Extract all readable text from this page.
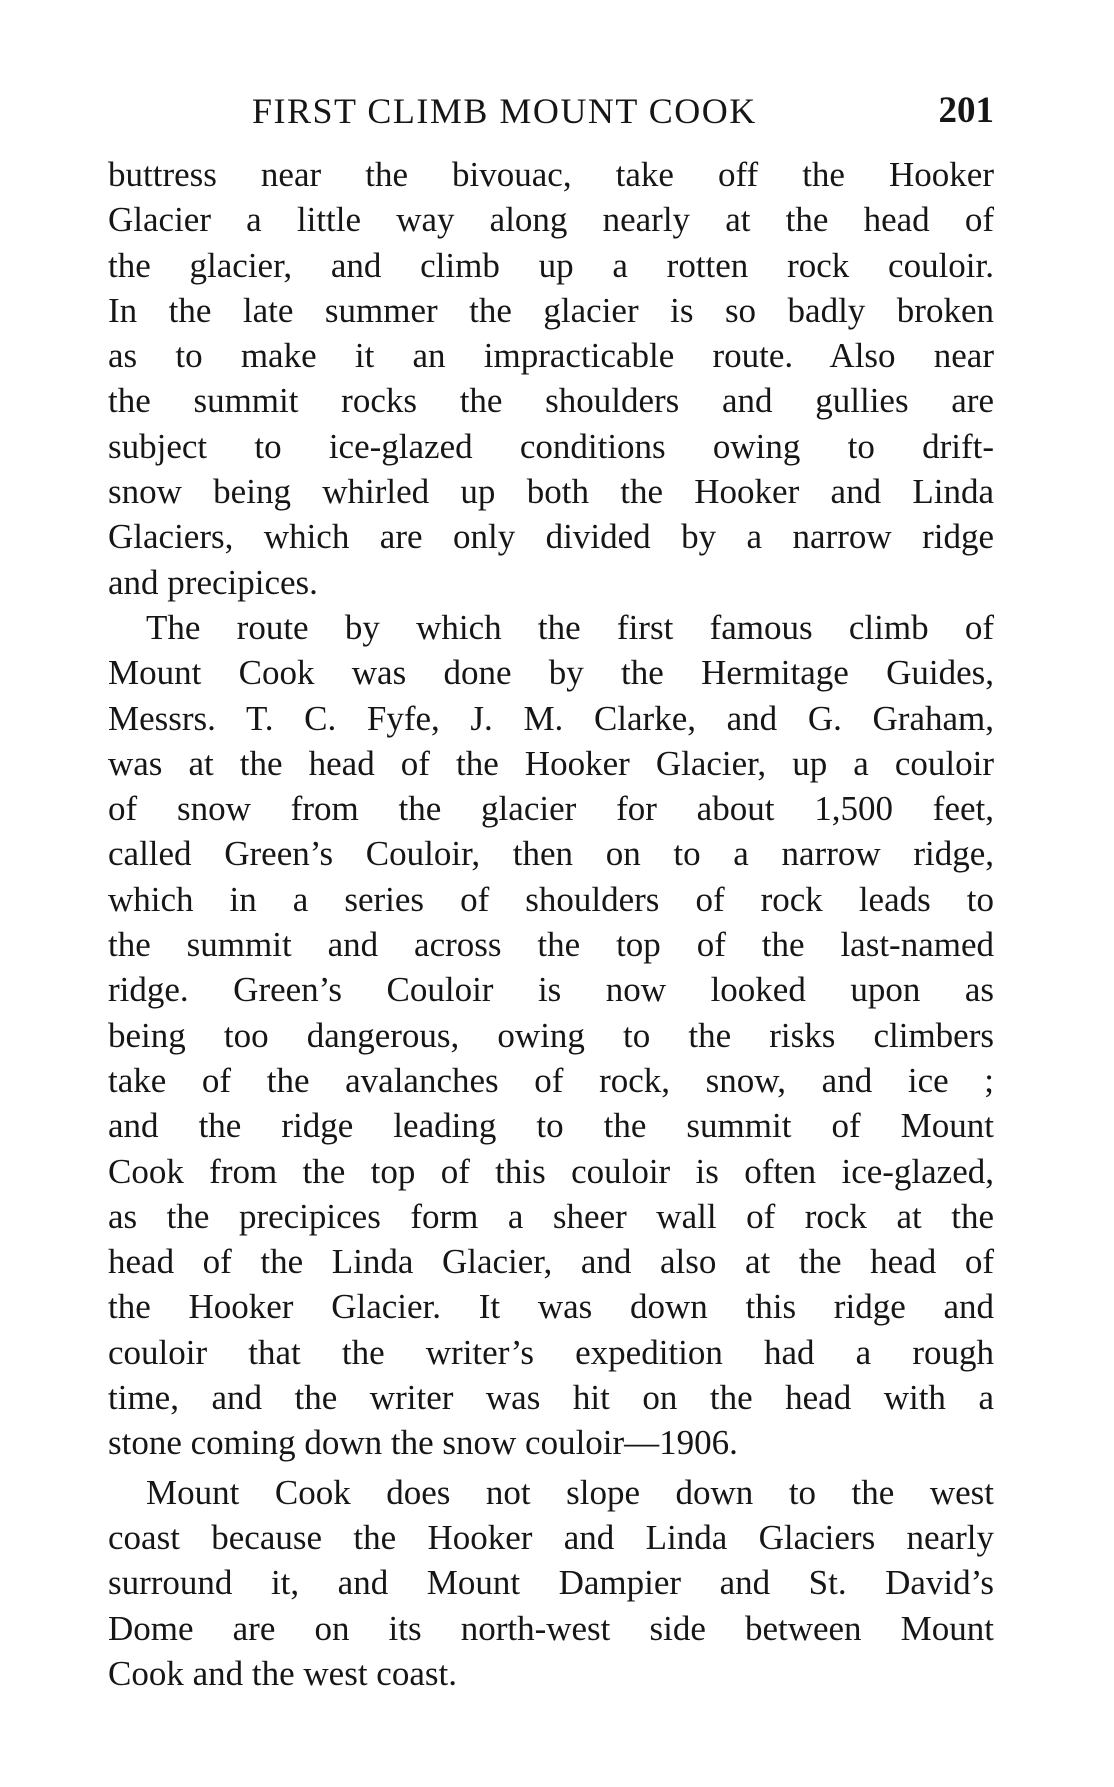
FIRST CLIMB MOUNT COOK	201
buttress near the bivouac, take off the Hooker
Glacier a little way along nearly at the head of
the glacier, and climb up a rotten rock couloir.
In the late summer the glacier is so badly broken
as to make it an impracticable route. Also near
the summit rocks the shoulders and gullies are
subject to ice-glazed conditions owing to drift-
snow being whirled up both the Hooker and Linda
Glaciers, which are only divided by a narrow ridge
and precipices.
The route by which the first famous climb of
Mount Cook was done by the Hermitage Guides,
Messrs. T. C. Fyfe, J. M. Clarke, and G. Graham,
was at the head of the Hooker Glacier, up a couloir
of snow from the glacier for about 1,500 feet,
called Green’s Couloir, then on to a narrow ridge,
which in a series of shoulders of rock leads to
the summit and across the top of the last-named
ridge. Green’s Couloir is now looked upon as
being too dangerous, owing to the risks climbers
take of the avalanches of rock, snow, and ice ;
and the ridge leading to the summit of Mount
Cook from the top of this couloir is often ice-glazed,
as the precipices form a sheer wall of rock at the
head of the Linda Glacier, and also at the head of
the Hooker Glacier. It was down this ridge and
couloir that the writer’s expedition had a rough
time, and the writer was hit on the head with a
stone coming down the snow couloir—1906.
Mount Cook does not slope down to the west
coast because the Hooker and Linda Glaciers nearly
surround it, and Mount Dampier and St. David’s
Dome are on its north-west side between Mount
Cook and the west coast.
